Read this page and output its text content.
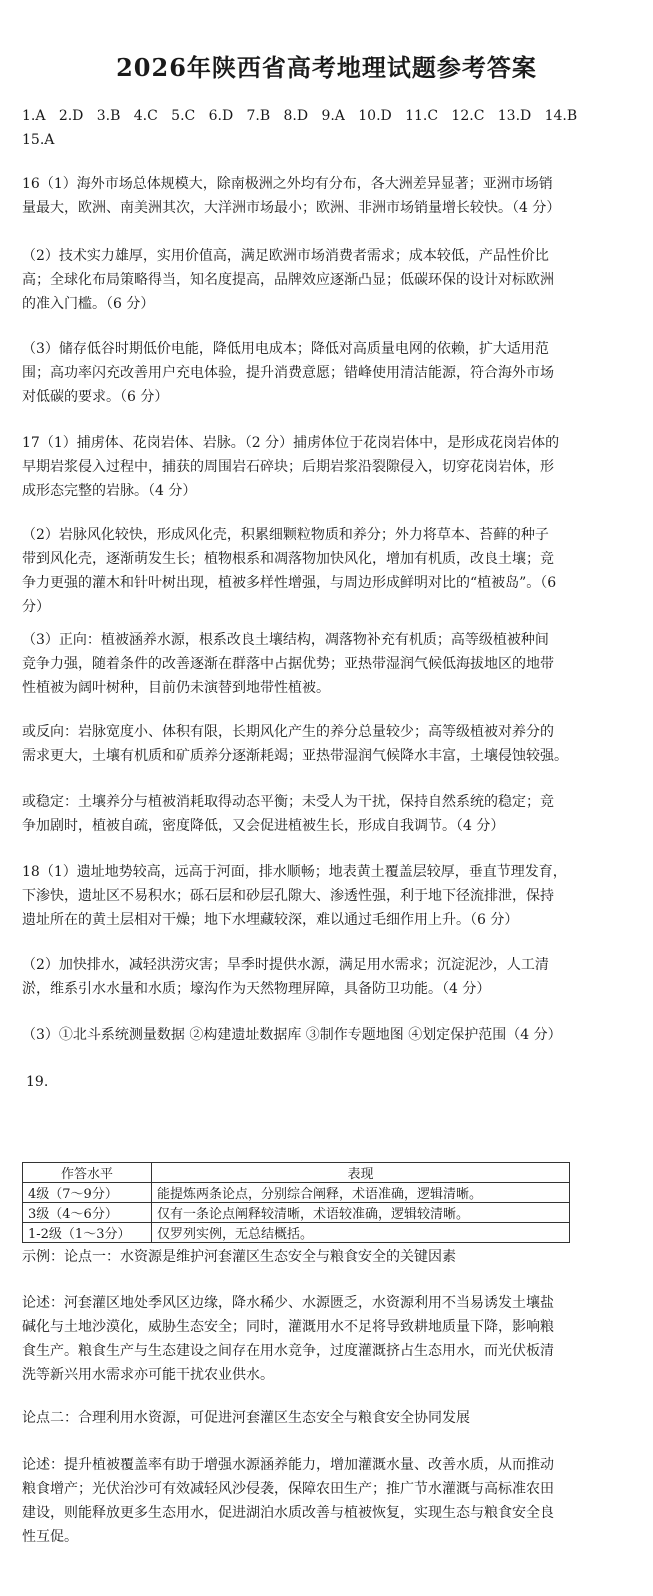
2026年陕西省高考地理试题参考答案
1.A   2.D   3.B   4.C   5.C   6.D   7.B   8.D   9.A   10.D   11.C   12.C   13.D   14.B
15.A
16（1）海外市场总体规模大，除南极洲之外均有分布，各大洲差异显著；亚洲市场销
量最大，欧洲、南美洲其次，大洋洲市场最小；欧洲、非洲市场销量增长较快。（4 分）
（2）技术实力雄厚，实用价值高，满足欧洲市场消费者需求；成本较低，产品性价比
高；全球化布局策略得当，知名度提高，品牌效应逐渐凸显；低碳环保的设计对标欧洲
的准入门槛。（6 分）
（3）储存低谷时期低价电能，降低用电成本；降低对高质量电网的依赖，扩大适用范
围；高功率闪充改善用户充电体验，提升消费意愿；错峰使用清洁能源，符合海外市场
对低碳的要求。（6 分）
17（1）捕虏体、花岗岩体、岩脉。（2 分）捕虏体位于花岗岩体中，是形成花岗岩体的
早期岩浆侵入过程中，捕获的周围岩石碎块；后期岩浆沿裂隙侵入，切穿花岗岩体，形
成形态完整的岩脉。（4 分）
（2）岩脉风化较快，形成风化壳，积累细颗粒物质和养分；外力将草本、苔藓的种子
带到风化壳，逐渐萌发生长；植物根系和凋落物加快风化，增加有机质，改良土壤；竞
争力更强的灌木和针叶树出现，植被多样性增强，与周边形成鲜明对比的“植被岛”。（6
分）
（3）正向：植被涵养水源，根系改良土壤结构，凋落物补充有机质；高等级植被种间
竞争力强，随着条件的改善逐渐在群落中占据优势；亚热带湿润气候低海拔地区的地带
性植被为阔叶树种，目前仍未演替到地带性植被。
或反向：岩脉宽度小、体积有限，长期风化产生的养分总量较少；高等级植被对养分的
需求更大，土壤有机质和矿质养分逐渐耗竭；亚热带湿润气候降水丰富，土壤侵蚀较强。
或稳定：土壤养分与植被消耗取得动态平衡；未受人为干扰，保持自然系统的稳定；竞
争加剧时，植被自疏，密度降低，又会促进植被生长，形成自我调节。（4 分）
18（1）遗址地势较高，远高于河面，排水顺畅；地表黄土覆盖层较厚，垂直节理发育，
下渗快，遗址区不易积水；砾石层和砂层孔隙大、渗透性强，利于地下径流排泄，保持
遗址所在的黄土层相对干燥；地下水埋藏较深，难以通过毛细作用上升。（6 分）
（2）加快排水，减轻洪涝灾害；旱季时提供水源，满足用水需求；沉淀泥沙，人工清
淤，维系引水水量和水质；壕沟作为天然物理屏障，具备防卫功能。（4 分）
（3）①北斗系统测量数据 ②构建遗址数据库 ③制作专题地图 ④划定保护范围（4 分）
19.
作答水平	表现
4级（7～9分）	能提炼两条论点，分别综合阐释，术语准确，逻辑清晰。
3级（4～6分）	仅有一条论点阐释较清晰，术语较准确，逻辑较清晰。
1-2级（1～3分）	仅罗列实例，无总结概括。
示例：论点一：水资源是维护河套灌区生态安全与粮食安全的关键因素
论述：河套灌区地处季风区边缘，降水稀少、水源匮乏，水资源利用不当易诱发土壤盐
碱化与土地沙漠化，威胁生态安全；同时，灌溉用水不足将导致耕地质量下降，影响粮
食生产。粮食生产与生态建设之间存在用水竞争，过度灌溉挤占生态用水，而光伏板清
洗等新兴用水需求亦可能干扰农业供水。
论点二：合理利用水资源，可促进河套灌区生态安全与粮食安全协同发展
论述：提升植被覆盖率有助于增强水源涵养能力，增加灌溉水量、改善水质，从而推动
粮食增产；光伏治沙可有效减轻风沙侵袭，保障农田生产；推广节水灌溉与高标准农田
建设，则能释放更多生态用水，促进湖泊水质改善与植被恢复，实现生态与粮食安全良
性互促。
